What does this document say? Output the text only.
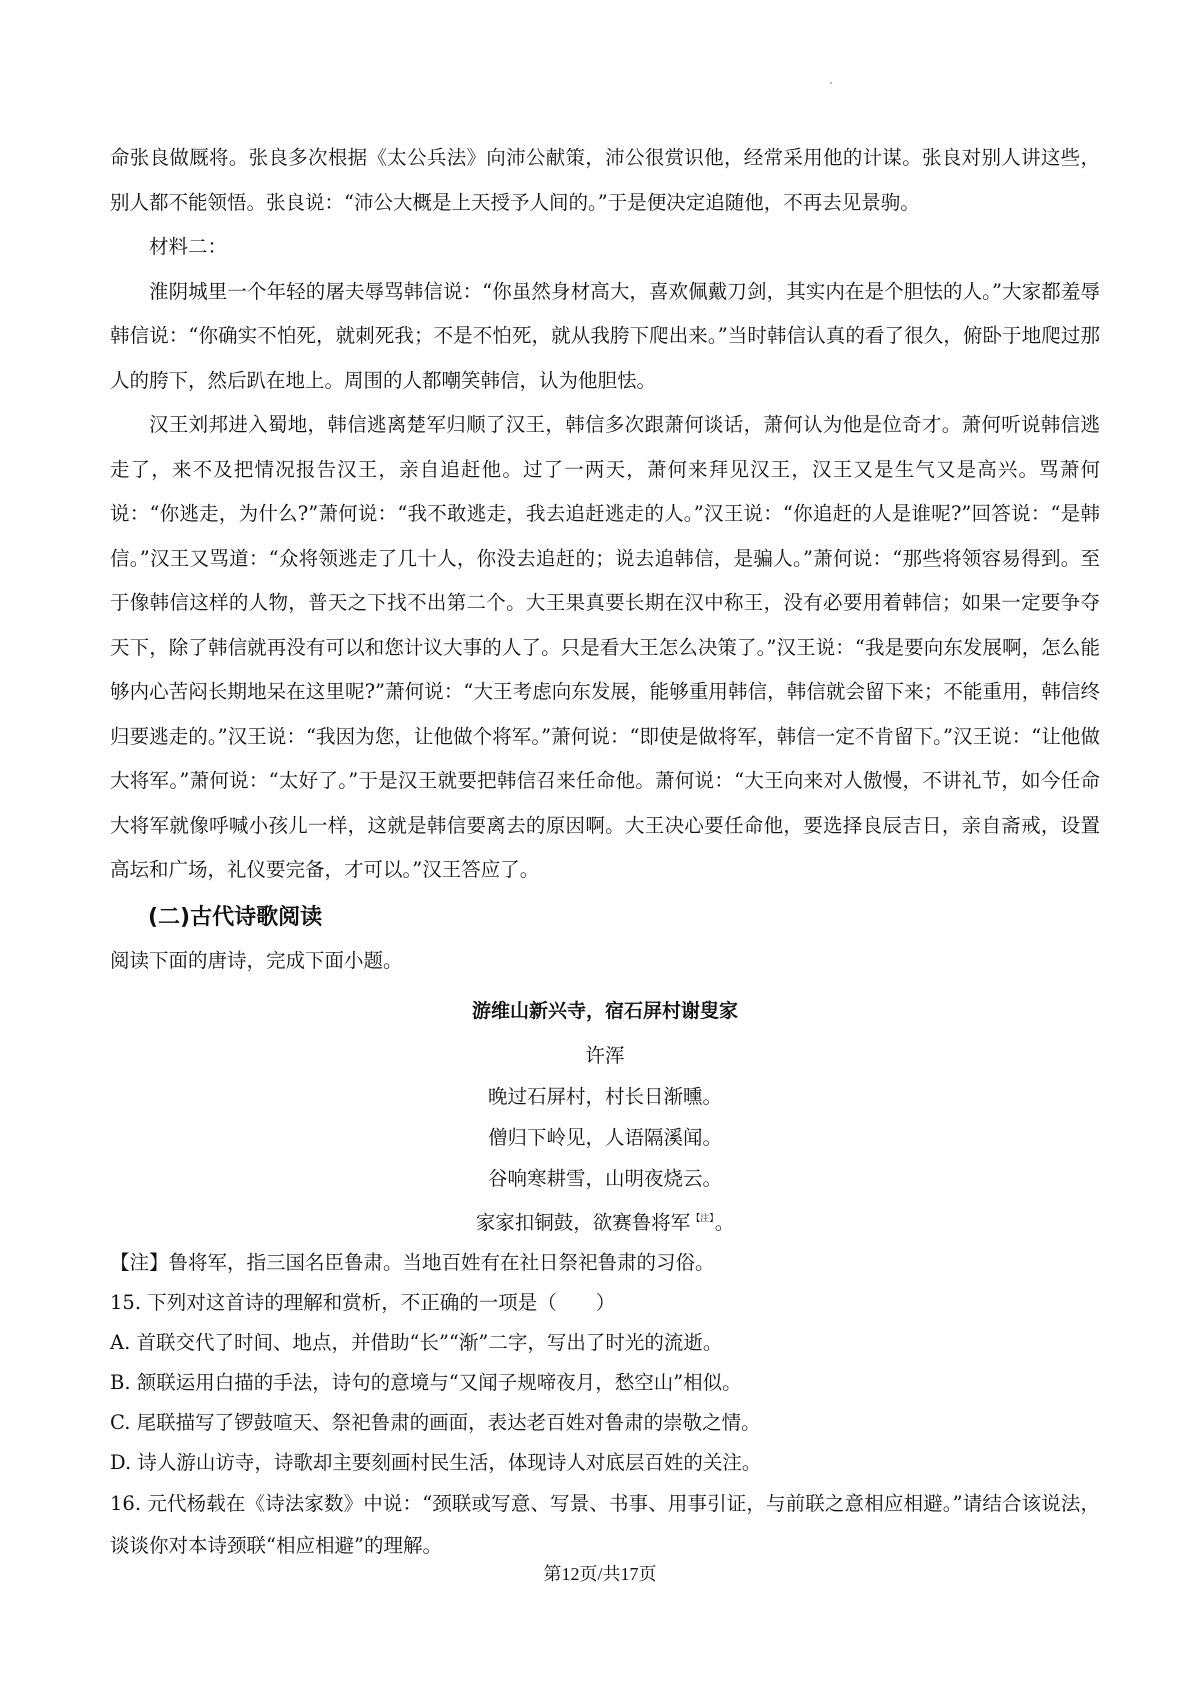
命张良做厩将。张良多次根据《太公兵法》向沛公献策，沛公很赏识他，经常采用他的计谋。张良对别人讲这些，别人都不能领悟。张良说：“沛公大概是上天授予人间的。”于是便决定追随他，不再去见景驹。

材料二：

淮阴城里一个年轻的屠夫辱骂韩信说：“你虽然身材高大，喜欢佩戴刀剑，其实内在是个胆怯的人。”大家都羞辱韩信说：“你确实不怕死，就刺死我；不是不怕死，就从我胯下爬出来。”当时韩信认真的看了很久，俯卧于地爬过那人的胯下，然后趴在地上。周围的人都嘲笑韩信，认为他胆怯。

汉王刘邦进入蜀地，韩信逃离楚军归顺了汉王，韩信多次跟萧何谈话，萧何认为他是位奇才。萧何听说韩信逃走了，来不及把情况报告汉王，亲自追赶他。过了一两天，萧何来拜见汉王，汉王又是生气又是高兴。骂萧何说：“你逃走，为什么?”萧何说：“我不敢逃走，我去追赶逃走的人。”汉王说：“你追赶的人是谁呢?”回答说：“是韩信。”汉王又骂道：“众将领逃走了几十人，你没去追赶的；说去追韩信，是骗人。”萧何说：“那些将领容易得到。至于像韩信这样的人物，普天之下找不出第二个。大王果真要长期在汉中称王，没有必要用着韩信；如果一定要争夺天下，除了韩信就再没有可以和您计议大事的人了。只是看大王怎么决策了。”汉王说：“我是要向东发展啊，怎么能够内心苦闷长期地呆在这里呢?”萧何说：“大王考虑向东发展，能够重用韩信，韩信就会留下来；不能重用，韩信终归要逃走的。”汉王说：“我因为您，让他做个将军。”萧何说：“即使是做将军，韩信一定不肯留下。”汉王说：“让他做大将军。”萧何说：“太好了。”于是汉王就要把韩信召来任命他。萧何说：“大王向来对人傲慢，不讲礼节，如今任命大将军就像呼喊小孩儿一样，这就是韩信要离去的原因啊。大王决心要任命他，要选择良辰吉日，亲自斋戒，设置高坛和广场，礼仪要完备，才可以。”汉王答应了。

(二)古代诗歌阅读

阅读下面的唐诗，完成下面小题。

游维山新兴寺，宿石屏村谢叟家

许浑

晚过石屏村，村长日渐曛。

僧归下岭见，人语隔溪闻。

谷响寒耕雪，山明夜烧云。

家家扣铜鼓，欲赛鲁将军$^{【注】}$。

【注】鲁将军，指三国名臣鲁肃。当地百姓有在社日祭祀鲁肃的习俗。

15. 下列对这首诗的理解和赏析，不正确的一项是（　　）

A. 首联交代了时间、地点，并借助“长”“渐”二字，写出了时光的流逝。

B. 颔联运用白描的手法，诗句的意境与“又闻子规啼夜月，愁空山”相似。

C. 尾联描写了锣鼓喧天、祭祀鲁肃的画面，表达老百姓对鲁肃的崇敬之情。

D. 诗人游山访寺，诗歌却主要刻画村民生活，体现诗人对底层百姓的关注。

16. 元代杨载在《诗法家数》中说：“颈联或写意、写景、书事、用事引证，与前联之意相应相避。”请结合该说法，谈谈你对本诗颈联“相应相避”的理解。

第12页/共17页
